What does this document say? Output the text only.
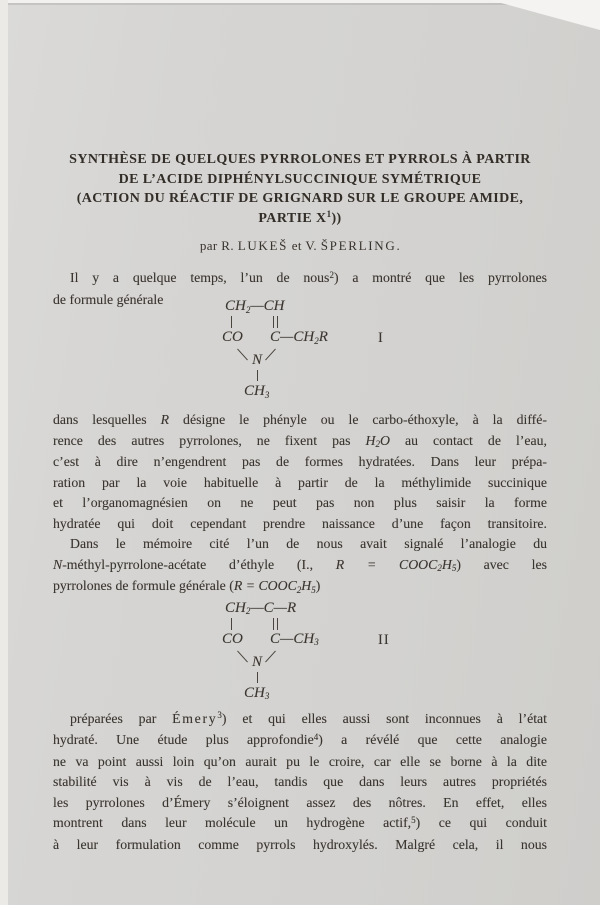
SYNTHÈSE DE QUELQUES PYRROLONES ET PYRROLS À PARTIR
DE L’ACIDE DIPHÉNYLSUCCINIQUE SYMÉTRIQUE
(ACTION DU RÉACTIF DE GRIGNARD SUR LE GROUPE AMIDE,
PARTIE $X^1$))
par R. LUKEŠ et V. ŠPERLING.
Il y a quelque temps, l’un de nous$^2$) a montré que les pyrrolones
de formule générale	CH2—CH
CO C—CH2R	I
N
CH3
dans lesquelles R désigne le phényle ou le carbo-éthoxyle, à la diffé-
rence des autres pyrrolones, ne fixent pas H2O au contact de l’eau,
c’est à dire n’engendrent pas de formes hydratées. Dans leur prépa-
ration par la voie habituelle à partir de la méthylimide succinique
et l’organomagnésien on ne peut pas non plus saisir la forme
hydratée qui doit cependant prendre naissance d’une façon transitoire.
Dans le mémoire cité l’un de nous avait signalé l’analogie du
N-méthyl-pyrrolone-acétate d’éthyle (I., R = COOC2H5) avec les
pyrrolones de formule générale (R = COOC2H5)
CH2—C—R
CO C—CH3	II
N
CH3
préparées par Émery$^3$) et qui elles aussi sont inconnues à l’état
hydraté. Une étude plus approfondie$^4$) a révélé que cette analogie
ne va point aussi loin qu’on aurait pu le croire, car elle se borne à la dite
stabilité vis à vis de l’eau, tandis que dans leurs autres propriétés
les pyrrolones d’Émery s’éloignent assez des nôtres. En effet, elles
montrent dans leur molécule un hydrogène actif,$^5$) ce qui conduit
à leur formulation comme pyrrols hydroxylés. Malgré cela, il nous
